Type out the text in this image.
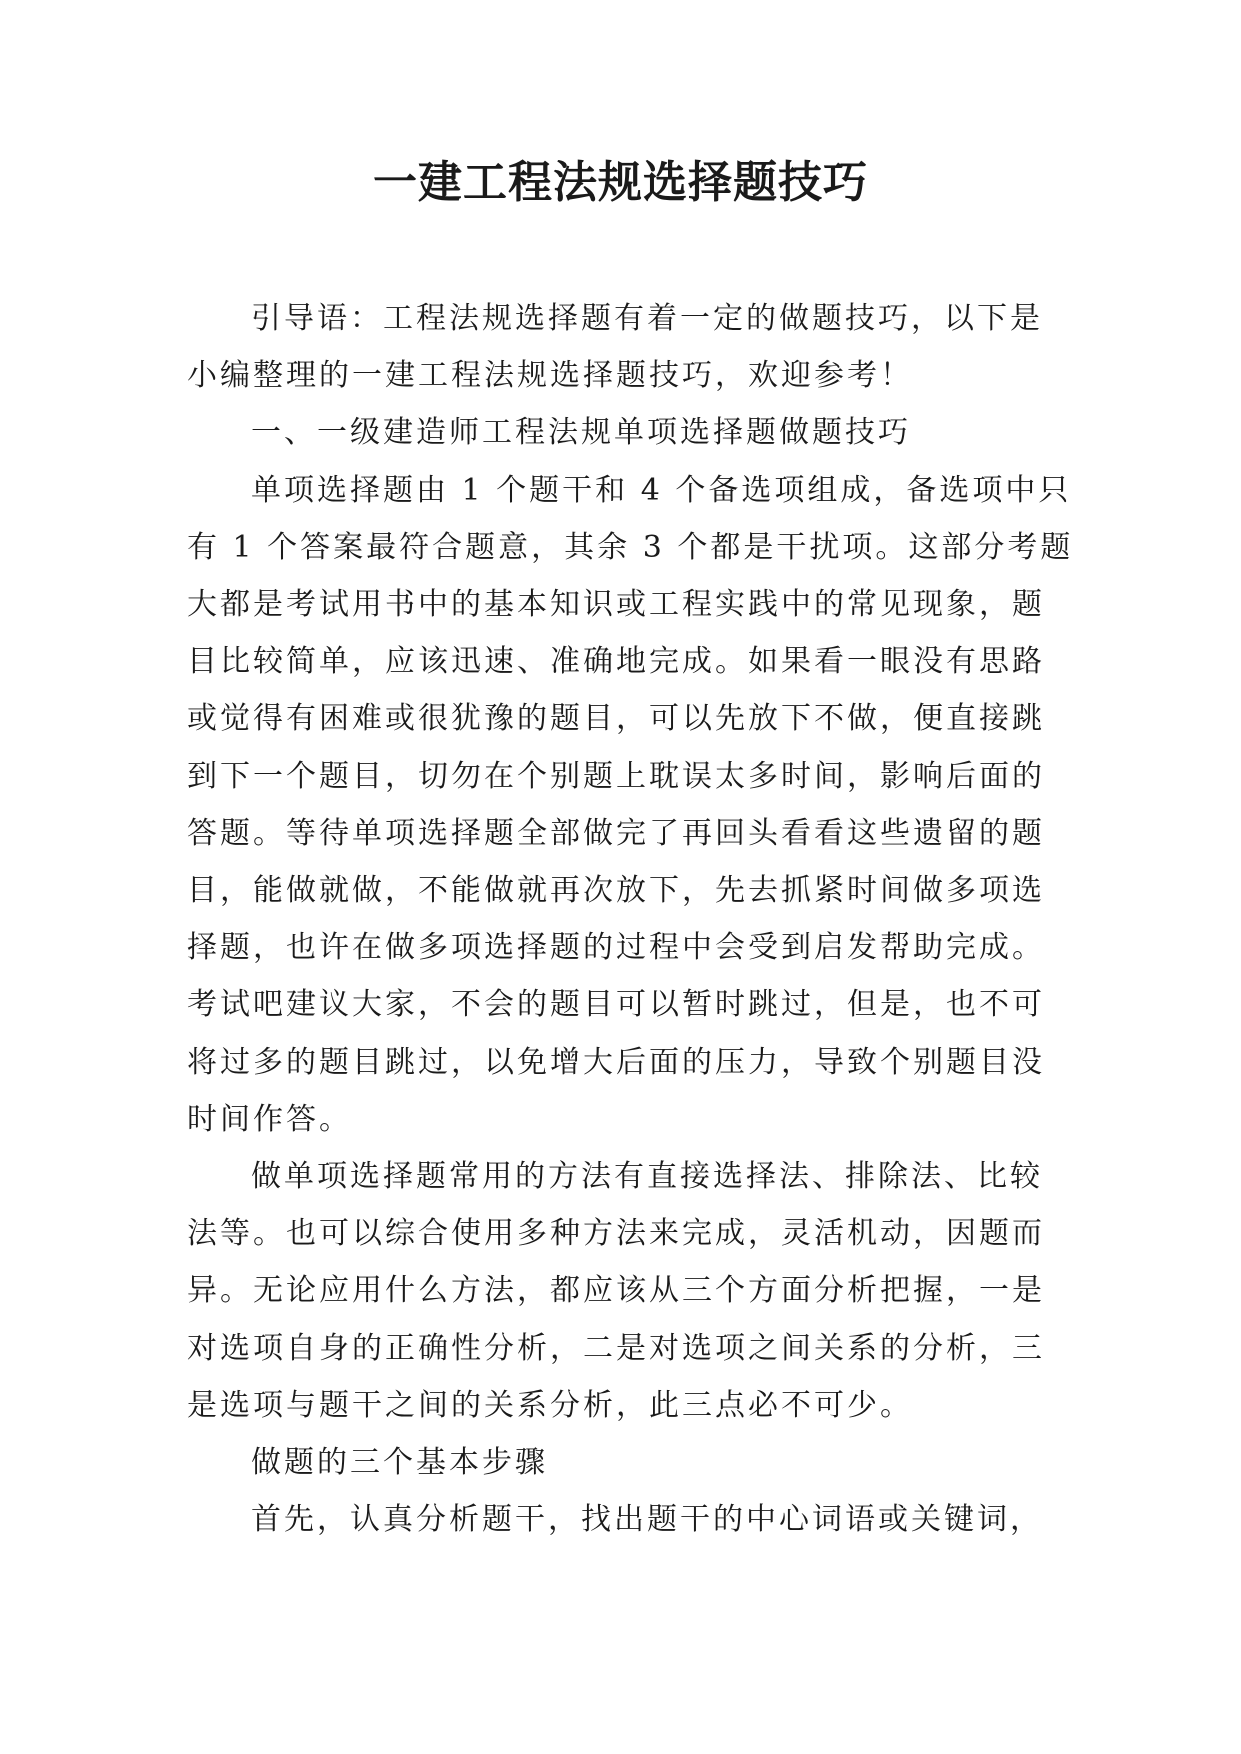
一建工程法规选择题技巧
引导语：工程法规选择题有着一定的做题技巧，以下是
小编整理的一建工程法规选择题技巧，欢迎参考！
一、一级建造师工程法规单项选择题做题技巧
单项选择题由 1 个题干和 4 个备选项组成，备选项中只
有 1 个答案最符合题意，其余 3 个都是干扰项。这部分考题
大都是考试用书中的基本知识或工程实践中的常见现象，题
目比较简单，应该迅速、准确地完成。如果看一眼没有思路
或觉得有困难或很犹豫的题目，可以先放下不做，便直接跳
到下一个题目，切勿在个别题上耽误太多时间，影响后面的
答题。等待单项选择题全部做完了再回头看看这些遗留的题
目，能做就做，不能做就再次放下，先去抓紧时间做多项选
择题，也许在做多项选择题的过程中会受到启发帮助完成。
考试吧建议大家，不会的题目可以暂时跳过，但是，也不可
将过多的题目跳过，以免增大后面的压力，导致个别题目没
时间作答。
做单项选择题常用的方法有直接选择法、排除法、比较
法等。也可以综合使用多种方法来完成，灵活机动，因题而
异。无论应用什么方法，都应该从三个方面分析把握，一是
对选项自身的正确性分析，二是对选项之间关系的分析，三
是选项与题干之间的关系分析，此三点必不可少。
做题的三个基本步骤
首先，认真分析题干，找出题干的中心词语或关键词，
